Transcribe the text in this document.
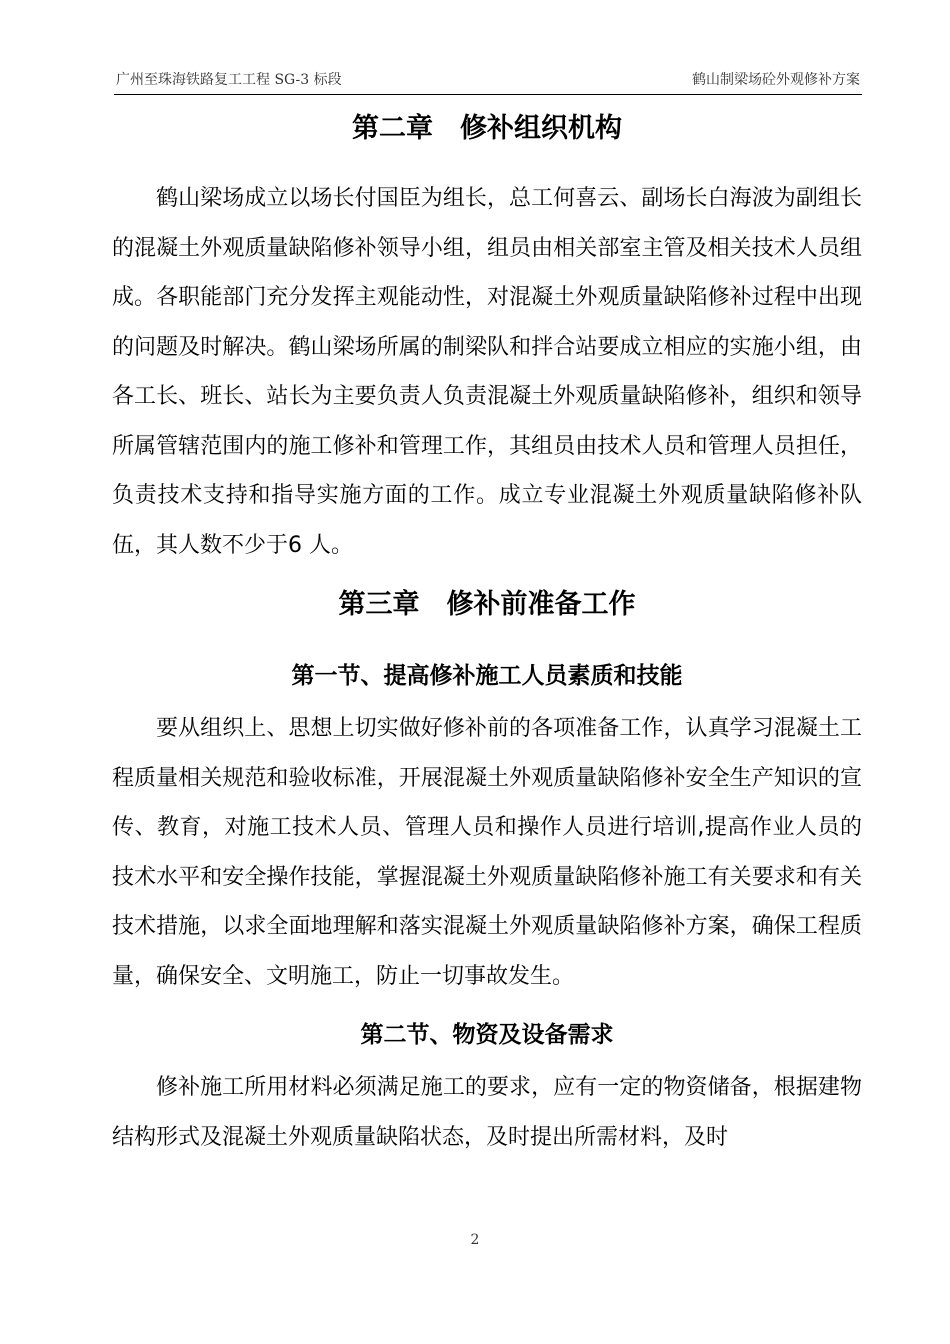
广州至珠海铁路复工工程 SG-3 标段	鹤山制梁场砼外观修补方案
第二章　修补组织机构

鹤山梁场成立以场长付国臣为组长，总工何喜云、副场长白海波为副组长的混凝土外观质量缺陷修补领导小组，组员由相关部室主管及相关技术人员组成。各职能部门充分发挥主观能动性，对混凝土外观质量缺陷修补过程中出现的问题及时解决。鹤山梁场所属的制梁队和拌合站要成立相应的实施小组，由各工长、班长、站长为主要负责人负责混凝土外观质量缺陷修补，组织和领导所属管辖范围内的施工修补和管理工作，其组员由技术人员和管理人员担任，负责技术支持和指导实施方面的工作。成立专业混凝土外观质量缺陷修补队伍，其人数不少于6 人。

第三章　修补前准备工作
第一节、提高修补施工人员素质和技能

要从组织上、思想上切实做好修补前的各项准备工作，认真学习混凝土工程质量相关规范和验收标准，开展混凝土外观质量缺陷修补安全生产知识的宣传、教育，对施工技术人员、管理人员和操作人员进行培训,提高作业人员的技术水平和安全操作技能，掌握混凝土外观质量缺陷修补施工有关要求和有关技术措施，以求全面地理解和落实混凝土外观质量缺陷修补方案，确保工程质量，确保安全、文明施工，防止一切事故发生。

第二节、物资及设备需求

修补施工所用材料必须满足施工的要求，应有一定的物资储备，根据建物结构形式及混凝土外观质量缺陷状态，及时提出所需材料，及时

2
